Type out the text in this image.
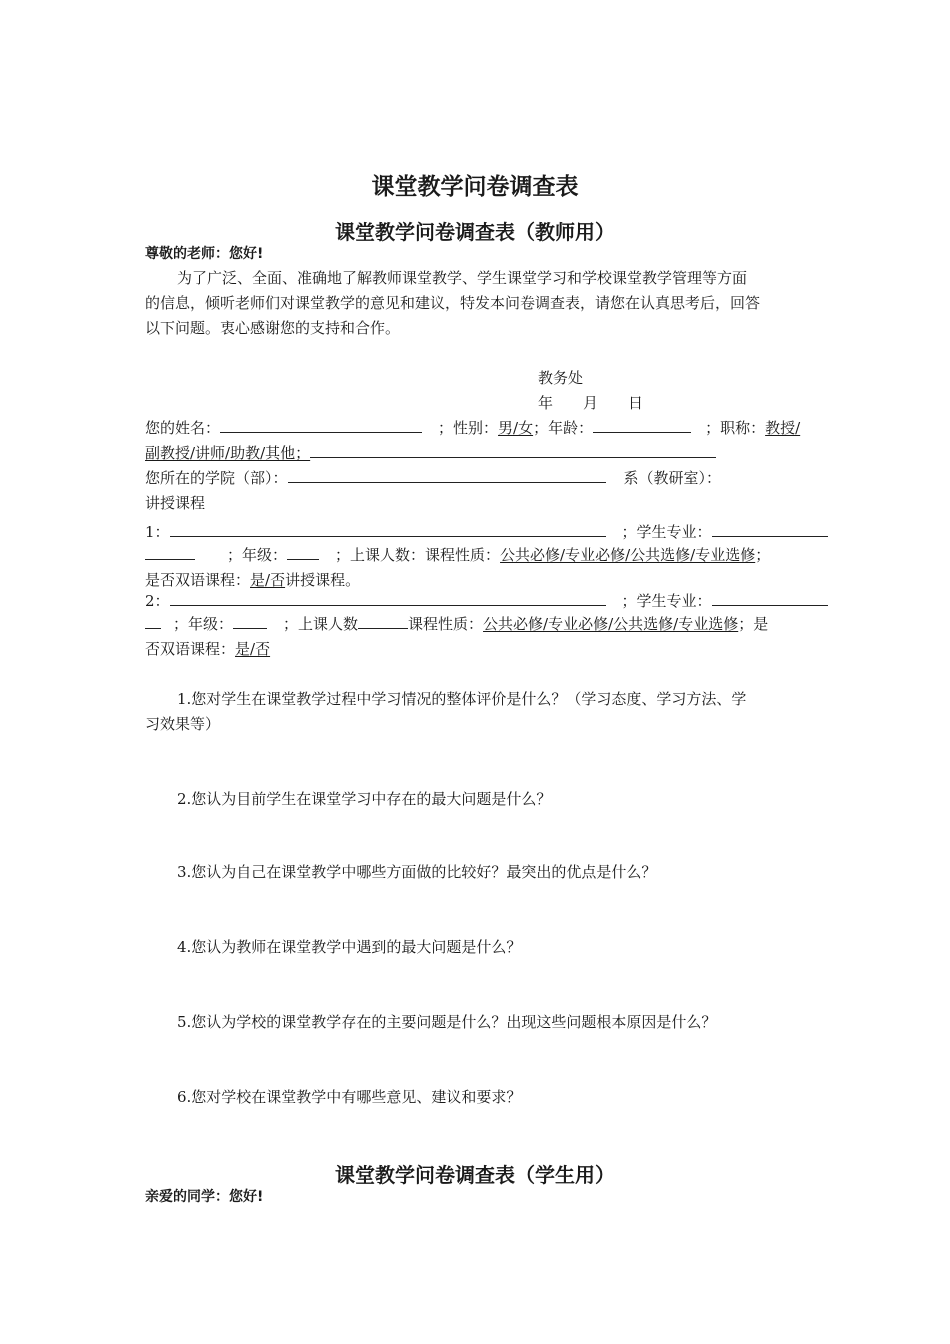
课堂教学问卷调查表
课堂教学问卷调查表（教师用）
尊敬的老师：您好!
为了广泛、全面、准确地了解教师课堂教学、学生课堂学习和学校课堂教学管理等方面
的信息，倾听老师们对课堂教学的意见和建议，特发本问卷调查表，请您在认真思考后，回答
以下问题。衷心感谢您的支持和合作。
教务处
年 月 日
您的姓名：	；性别：男/女；年龄：	；职称：教授/
副教授/讲师/助教/其他；
您所在的学院（部）：	系（教研室）：
讲授课程
1：	；学生专业：
；年级：	；上课人数：课程性质：公共必修/专业必修/公共选修/专业选修；
是否双语课程：是/否讲授课程。
2：	；学生专业：
；年级：	；上课人数	课程性质：公共必修/专业必修/公共选修/专业选修；是
否双语课程：是/否
1.您对学生在课堂教学过程中学习情况的整体评价是什么？（学习态度、学习方法、学
习效果等）
2.您认为目前学生在课堂学习中存在的最大问题是什么？
3.您认为自己在课堂教学中哪些方面做的比较好？最突出的优点是什么？
4.您认为教师在课堂教学中遇到的最大问题是什么？
5.您认为学校的课堂教学存在的主要问题是什么？出现这些问题根本原因是什么？
6.您对学校在课堂教学中有哪些意见、建议和要求？
课堂教学问卷调查表（学生用）
亲爱的同学：您好!
